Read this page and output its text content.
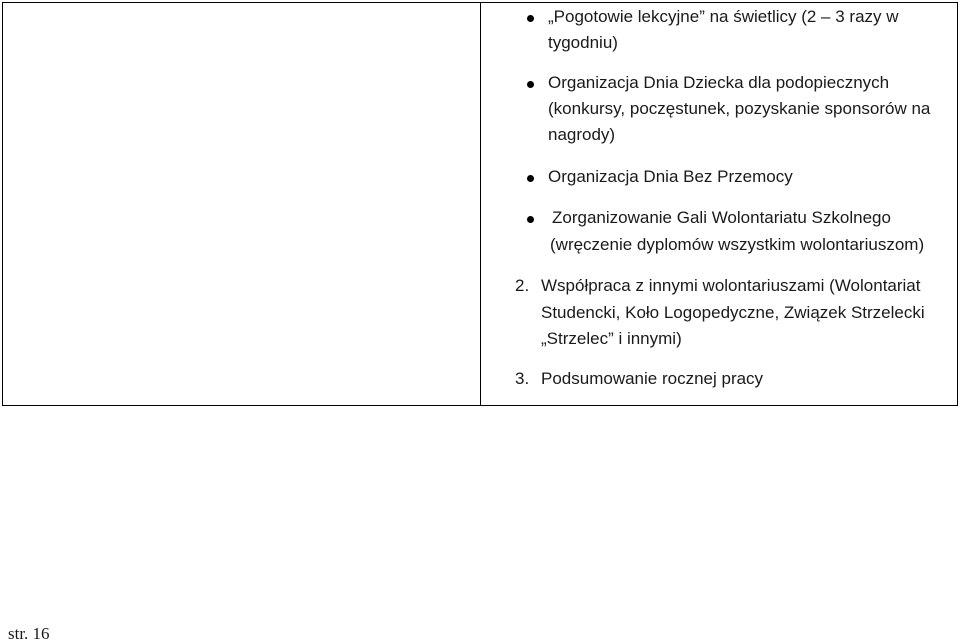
„Pogotowie lekcyjne” na świetlicy (2 – 3 razy w
tygodniu)
Organizacja Dnia Dziecka dla podopiecznych
(konkursy, poczęstunek, pozyskanie sponsorów na
nagrody)
Organizacja Dnia Bez Przemocy
Zorganizowanie Gali Wolontariatu Szkolnego
(wręczenie dyplomów wszystkim wolontariuszom)
2. Współpraca z innymi wolontariuszami (Wolontariat
Studencki, Koło Logopedyczne, Związek Strzelecki
„Strzelec” i innymi)
3. Podsumowanie rocznej pracy
str. 16
